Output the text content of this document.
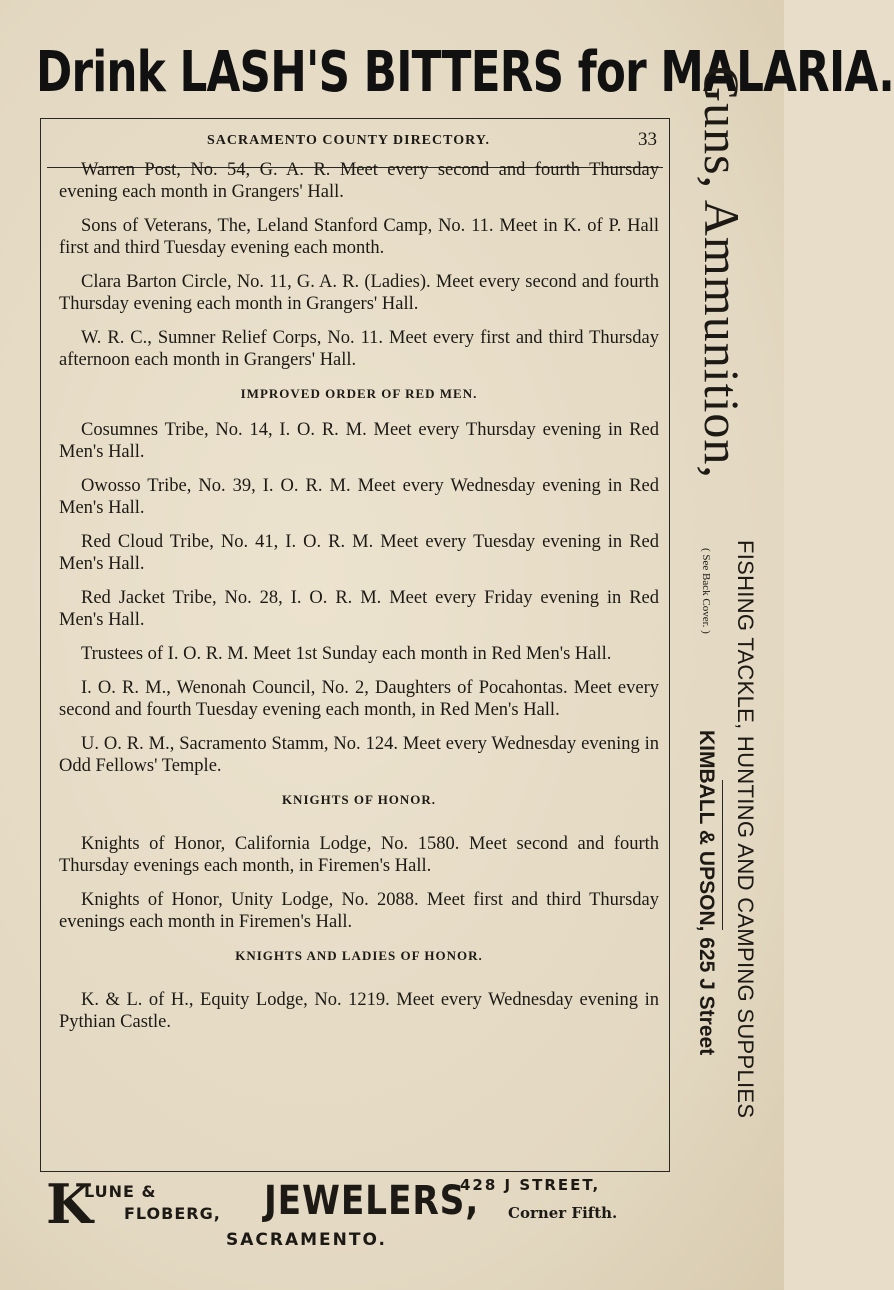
Drink LASH'S BITTERS for MALARIA.
SACRAMENTO COUNTY DIRECTORY.	33

Warren Post, No. 54, G. A. R. Meet every second and fourth Thursday evening each month in Grangers' Hall.

Sons of Veterans, The, Leland Stanford Camp, No. 11. Meet in K. of P. Hall first and third Tuesday evening each month.

Clara Barton Circle, No. 11, G. A. R. (Ladies). Meet every second and fourth Thursday evening each month in Grangers' Hall.

W. R. C., Sumner Relief Corps, No. 11. Meet every first and third Thursday afternoon each month in Grangers' Hall.

IMPROVED ORDER OF RED MEN.

Cosumnes Tribe, No. 14, I. O. R. M. Meet every Thursday evening in Red Men's Hall.

Owosso Tribe, No. 39, I. O. R. M. Meet every Wednesday evening in Red Men's Hall.

Red Cloud Tribe, No. 41, I. O. R. M. Meet every Tuesday evening in Red Men's Hall.

Red Jacket Tribe, No. 28, I. O. R. M. Meet every Friday evening in Red Men's Hall.

Trustees of I. O. R. M. Meet 1st Sunday each month in Red Men's Hall.

I. O. R. M., Wenonah Council, No. 2, Daughters of Pocahontas. Meet every second and fourth Tuesday evening each month, in Red Men's Hall.

U. O. R. M., Sacramento Stamm, No. 124. Meet every Wednesday evening in Odd Fellows' Temple.

KNIGHTS OF HONOR.

Knights of Honor, California Lodge, No. 1580. Meet second and fourth Thursday evenings each month, in Firemen's Hall.

Knights of Honor, Unity Lodge, No. 2088. Meet first and third Thursday evenings each month in Firemen's Hall.

KNIGHTS AND LADIES OF HONOR.

K. & L. of H., Equity Lodge, No. 1219. Meet every Wednesday evening in Pythian Castle.

Guns, Ammunition,
( See Back Cover. ) FISHING TACKLE, HUNTING AND CAMPING SUPPLIES
KIMBALL & UPSON, 625 J Street
K
LUNE &
FLOBERG, JEWELERS,
428 J STREET,
Corner Fifth.
SACRAMENTO.
